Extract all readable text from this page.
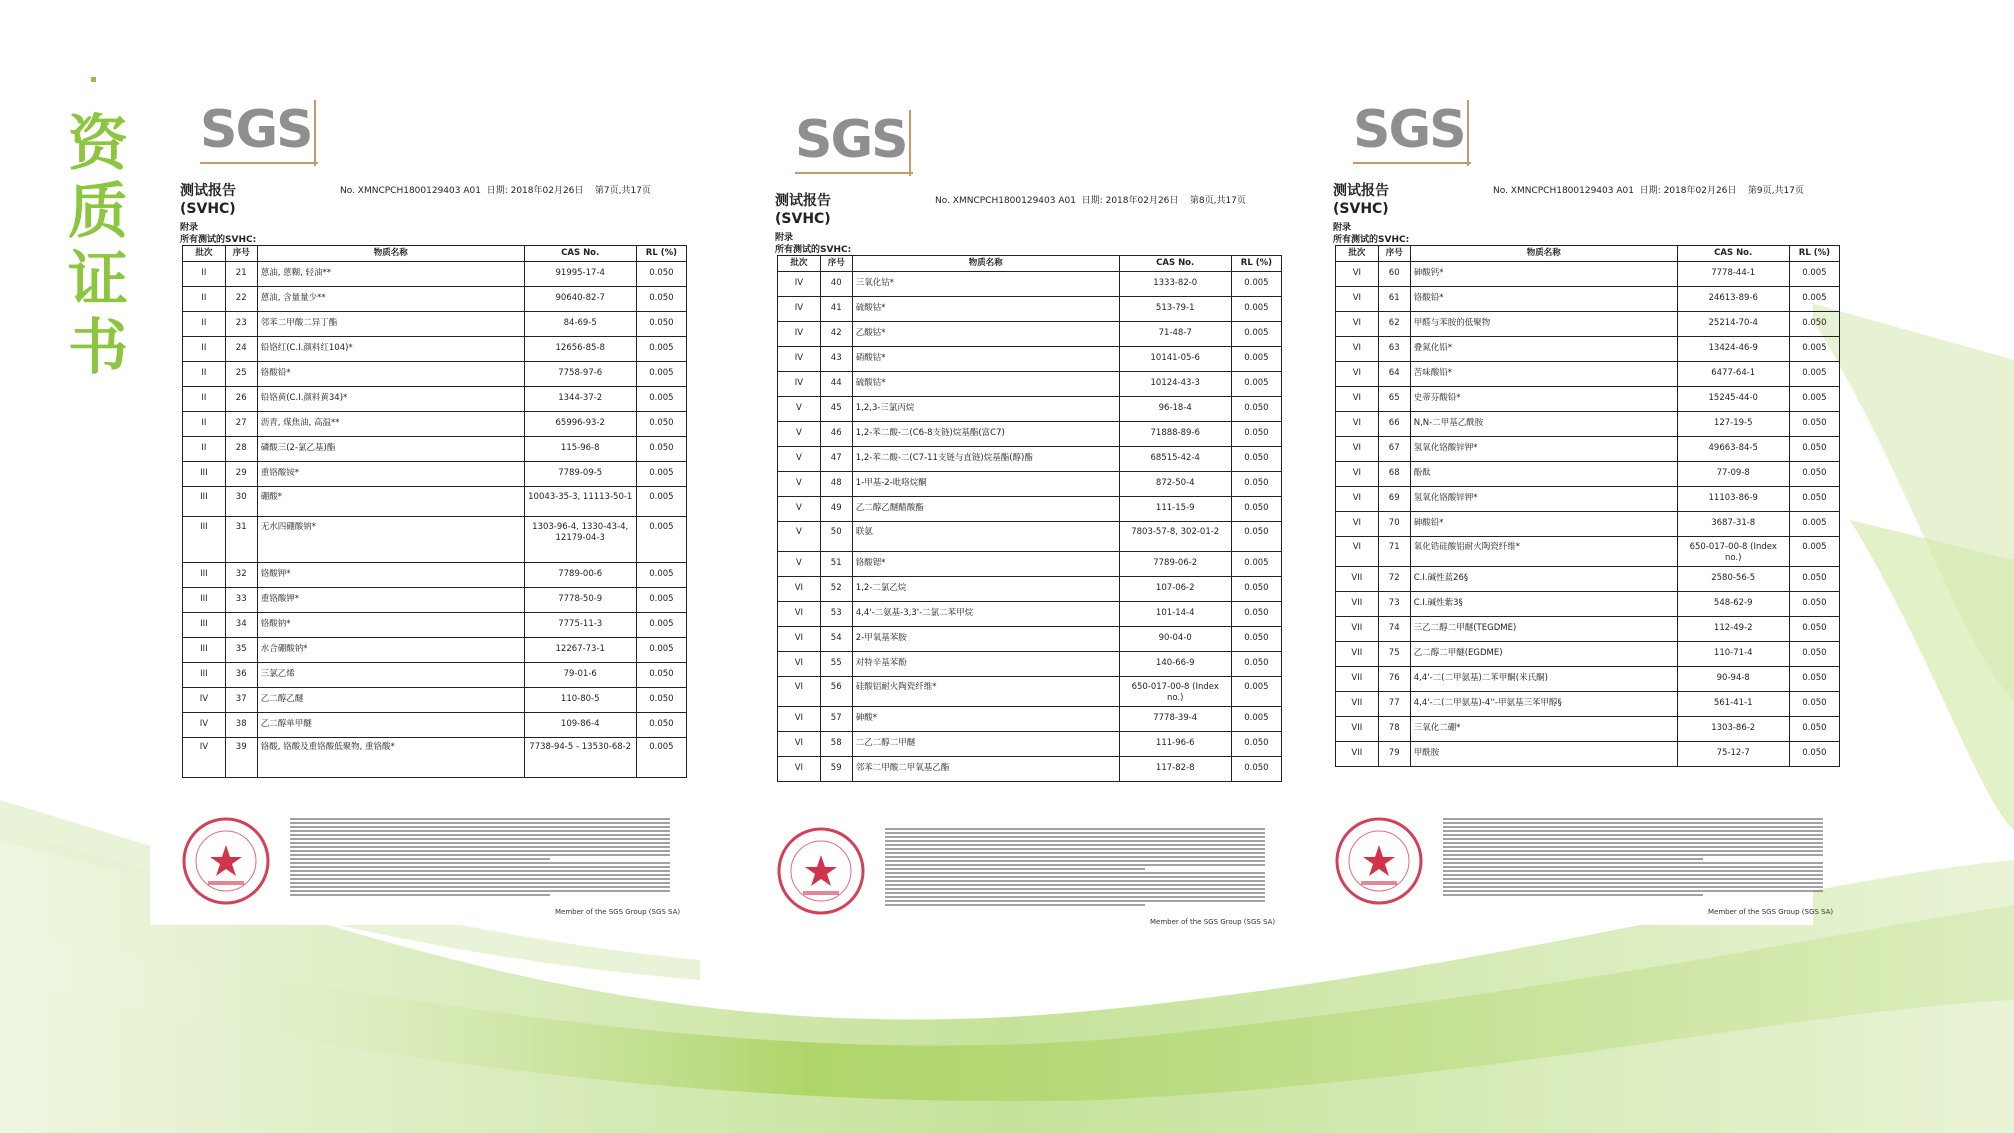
资
质
证
书
SGS
测试报告
(SVHC)
No. XMNCPCH1800129403 A01 日期: 2018年02月26日 第7页,共17页
附录
所有测试的SVHC:
批次	序号	物质名称	CAS No.	RL (%)
II	21	蒽油, 蒽糊, 轻油**	91995-17-4	0.050
II	22	蒽油, 含量量少**	90640-82-7	0.050
II	23	邻苯二甲酸二异丁酯	84-69-5	0.050
II	24	铅铬红(C.I.颜料红104)*	12656-85-8	0.005
II	25	铬酸铅*	7758-97-6	0.005
II	26	铅铬黄(C.I.颜料黄34)*	1344-37-2	0.005
II	27	沥青, 煤焦油, 高温**	65996-93-2	0.050
II	28	磷酸三(2-氯乙基)酯	115-96-8	0.050
III	29	重铬酸铵*	7789-09-5	0.005
III	30	硼酸*	10043-35-3, 11113-50-1	0.005
III	31	无水四硼酸钠*	1303-96-4, 1330-43-4, 12179-04-3	0.005
III	32	铬酸钾*	7789-00-6	0.005
III	33	重铬酸钾*	7778-50-9	0.005
III	34	铬酸钠*	7775-11-3	0.005
III	35	水合硼酸钠*	12267-73-1	0.005
III	36	三氯乙烯	79-01-6	0.050
IV	37	乙二醇乙醚	110-80-5	0.050
IV	38	乙二醇单甲醚	109-86-4	0.050
IV	39	铬酸, 铬酸及重铬酸低聚物, 重铬酸*	7738-94-5 - 13530-68-2	0.005
Member of the SGS Group (SGS SA)
SGS
测试报告
(SVHC)
No. XMNCPCH1800129403 A01 日期: 2018年02月26日 第8页,共17页
附录
所有测试的SVHC:
批次	序号	物质名称	CAS No.	RL (%)
IV	40	三氧化钴*	1333-82-0	0.005
IV	41	硫酸钴*	513-79-1	0.005
IV	42	乙酸钴*	71-48-7	0.005
IV	43	硝酸钴*	10141-05-6	0.005
IV	44	硫酸钴*	10124-43-3	0.005
V	45	1,2,3-三氯丙烷	96-18-4	0.050
V	46	1,2-苯二酸-二(C6-8支链)烷基酯(富C7)	71888-89-6	0.050
V	47	1,2-苯二酸-二(C7-11支链与直链)烷基酯(醇)酯	68515-42-4	0.050
V	48	1-甲基-2-吡咯烷酮	872-50-4	0.050
V	49	乙二醇乙醚醋酸酯	111-15-9	0.050
V	50	联氨	7803-57-8, 302-01-2	0.050
V	51	铬酸锶*	7789-06-2	0.005
VI	52	1,2-二氯乙烷	107-06-2	0.050
VI	53	4,4'-二氨基-3,3'-二氯二苯甲烷	101-14-4	0.050
VI	54	2-甲氧基苯胺	90-04-0	0.050
VI	55	对特辛基苯酚	140-66-9	0.050
VI	56	硅酸铝耐火陶瓷纤维*	650-017-00-8 (Index no.)	0.005
VI	57	砷酸*	7778-39-4	0.005
VI	58	二乙二醇二甲醚	111-96-6	0.050
VI	59	邻苯二甲酸二甲氧基乙酯	117-82-8	0.050
Member of the SGS Group (SGS SA)
SGS
测试报告
(SVHC)
No. XMNCPCH1800129403 A01 日期: 2018年02月26日 第9页,共17页
附录
所有测试的SVHC:
批次	序号	物质名称	CAS No.	RL (%)
VI	60	砷酸钙*	7778-44-1	0.005
VI	61	铬酸铅*	24613-89-6	0.005
VI	62	甲醛与苯胺的低聚物	25214-70-4	0.050
VI	63	叠氮化铅*	13424-46-9	0.005
VI	64	苦味酸铅*	6477-64-1	0.005
VI	65	史蒂芬酸铅*	15245-44-0	0.005
VI	66	N,N-二甲基乙酰胺	127-19-5	0.050
VI	67	氢氧化铬酸锌钾*	49663-84-5	0.050
VI	68	酚酞	77-09-8	0.050
VI	69	氢氧化铬酸锌钾*	11103-86-9	0.050
VI	70	砷酸铅*	3687-31-8	0.005
VI	71	氧化锆硅酸铝耐火陶瓷纤维*	650-017-00-8 (Index no.)	0.005
VII	72	C.I.碱性蓝26§	2580-56-5	0.050
VII	73	C.I.碱性紫3§	548-62-9	0.050
VII	74	三乙二醇二甲醚(TEGDME)	112-49-2	0.050
VII	75	乙二醇二甲醚(EGDME)	110-71-4	0.050
VII	76	4,4'-二(二甲氨基)二苯甲酮(米氏酮)	90-94-8	0.050
VII	77	4,4'-二(二甲氨基)-4''-甲氨基三苯甲醇§	561-41-1	0.050
VII	78	三氧化二硼*	1303-86-2	0.050
VII	79	甲酰胺	75-12-7	0.050
Member of the SGS Group (SGS SA)
